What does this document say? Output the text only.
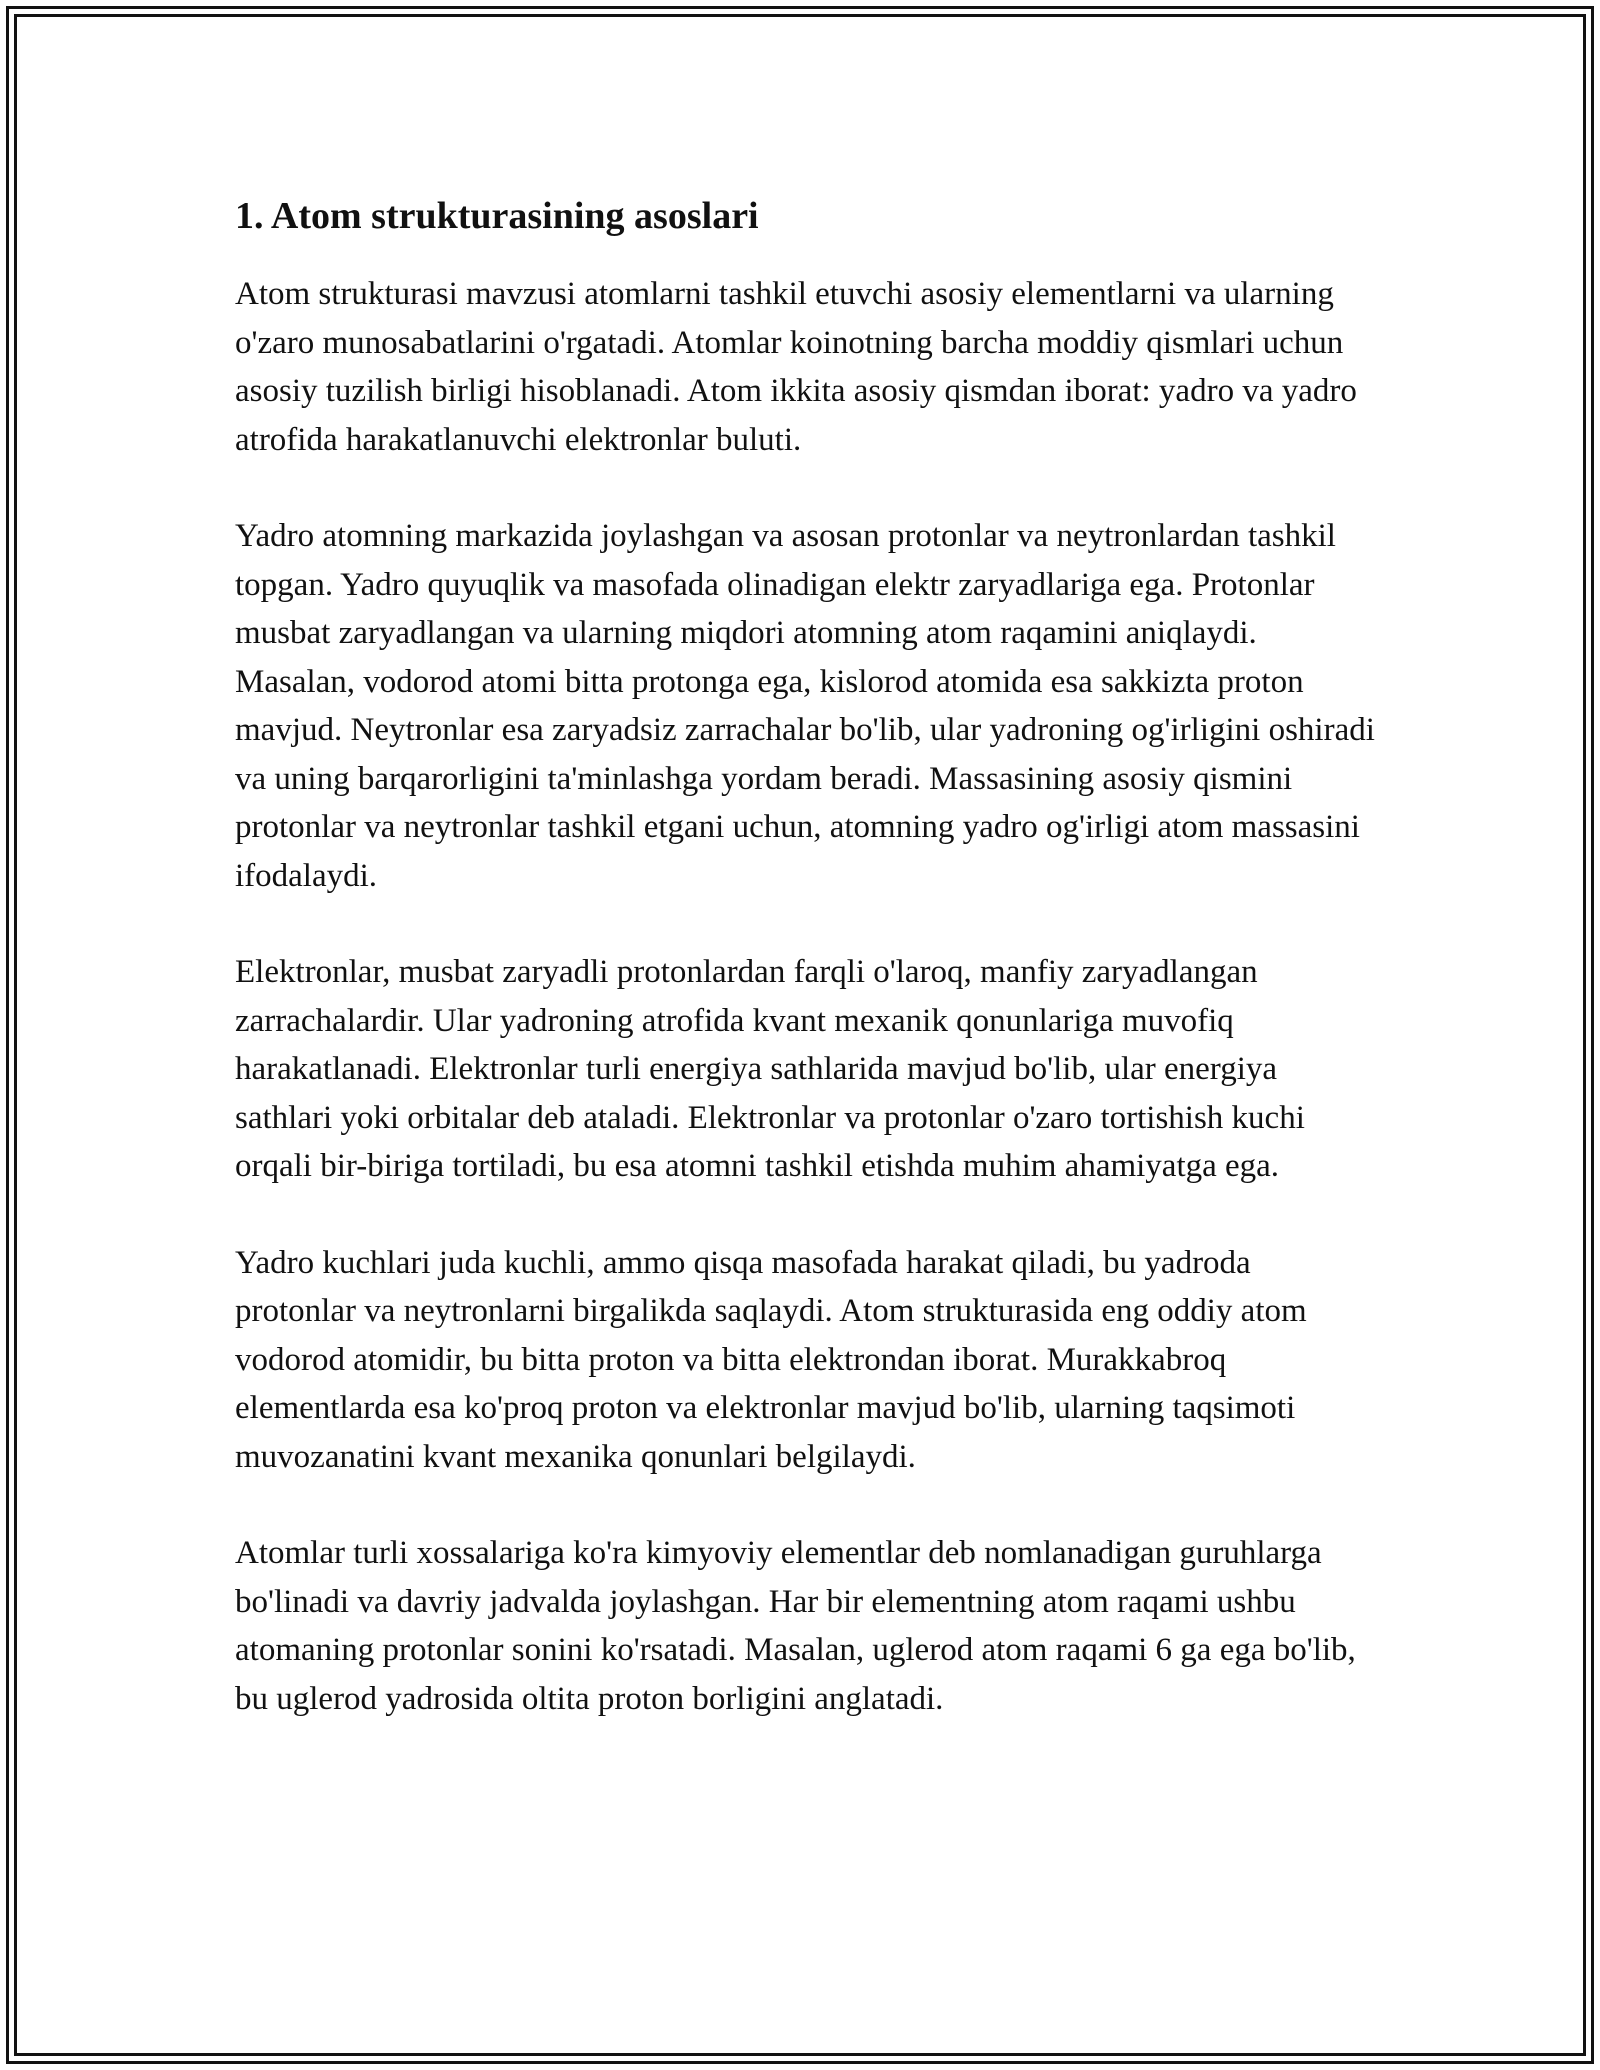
1. Atom strukturasining asoslari

Atom strukturasi mavzusi atomlarni tashkil etuvchi asosiy elementlarni va ularning o'zaro munosabatlarini o'rgatadi. Atomlar koinotning barcha moddiy qismlari uchun asosiy tuzilish birligi hisoblanadi. Atom ikkita asosiy qismdan iborat: yadro va yadro atrofida harakatlanuvchi elektronlar buluti.

Yadro atomning markazida joylashgan va asosan protonlar va neytronlardan tashkil topgan. Yadro quyuqlik va masofada olinadigan elektr zaryadlariga ega. Protonlar musbat zaryadlangan va ularning miqdori atomning atom raqamini aniqlaydi. Masalan, vodorod atomi bitta protonga ega, kislorod atomida esa sakkizta proton mavjud. Neytronlar esa zaryadsiz zarrachalar bo'lib, ular yadroning og'irligini oshiradi va uning barqarorligini ta'minlashga yordam beradi. Massasining asosiy qismini protonlar va neytronlar tashkil etgani uchun, atomning yadro og'irligi atom massasini ifodalaydi.

Elektronlar, musbat zaryadli protonlardan farqli o'laroq, manfiy zaryadlangan zarrachalardir. Ular yadroning atrofida kvant mexanik qonunlariga muvofiq harakatlanadi. Elektronlar turli energiya sathlarida mavjud bo'lib, ular energiya sathlari yoki orbitalar deb ataladi. Elektronlar va protonlar o'zaro tortishish kuchi orqali bir-biriga tortiladi, bu esa atomni tashkil etishda muhim ahamiyatga ega.

Yadro kuchlari juda kuchli, ammo qisqa masofada harakat qiladi, bu yadroda protonlar va neytronlarni birgalikda saqlaydi. Atom strukturasida eng oddiy atom vodorod atomidir, bu bitta proton va bitta elektrondan iborat. Murakkabroq elementlarda esa ko'proq proton va elektronlar mavjud bo'lib, ularning taqsimoti muvozanatini kvant mexanika qonunlari belgilaydi.

Atomlar turli xossalariga ko'ra kimyoviy elementlar deb nomlanadigan guruhlarga bo'linadi va davriy jadvalda joylashgan. Har bir elementning atom raqami ushbu atomaning protonlar sonini ko'rsatadi. Masalan, uglerod atom raqami 6 ga ega bo'lib, bu uglerod yadrosida oltita proton borligini anglatadi.
